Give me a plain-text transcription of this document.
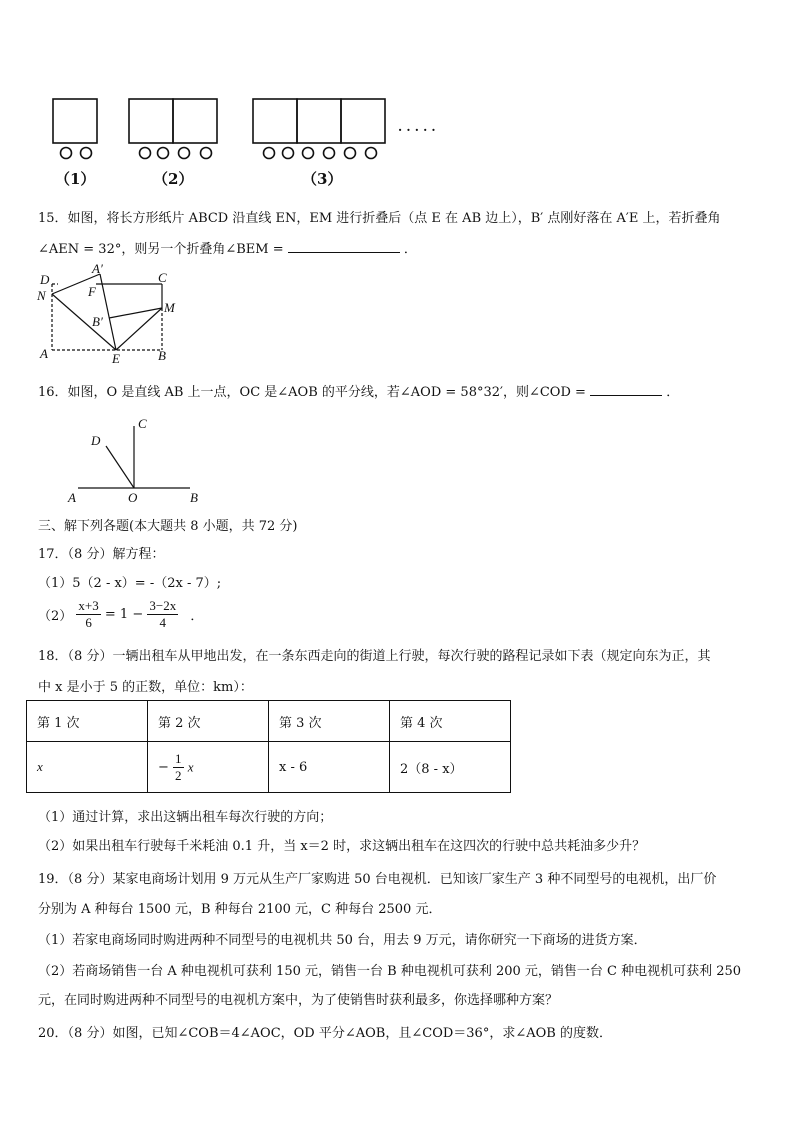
· · · · ·
（1）	（2）	（3）
15．如图，将长方形纸片 ABCD 沿直线 EN，EM 进行折叠后（点 E 在 AB 边上），B′ 点刚好落在 A′E 上，若折叠角
∠AEN = 32°，则另一个折叠角∠BEM =	．
D
A′
C
N	F
M
B′
A	E	B
16．如图，O 是直线 AB 上一点，OC 是∠AOB 的平分线，若∠AOD = 58°32′，则∠COD =	．
C
D
A	O	B
三、解下列各题(本大题共 8 小题，共 72 分)
17．（8 分）解方程：
（1）5（2 - x）= -（2x - 7）;
$(2) \frac{x+3}{6} = 1 - \frac{3-2x}{4}$ ．
18．（8 分）一辆出租车从甲地出发，在一条东西走向的街道上行驶，每次行驶的路程记录如下表（规定向东为正，其
中 x 是小于 5 的正数，单位：km）：
第 1 次	第 2 次	第 3 次	第 4 次
x	− $\frac{1}{2}$ x	x - 6	2（8 - x）
（1）通过计算，求出这辆出租车每次行驶的方向；
（2）如果出租车行驶每千米耗油 0.1 升，当 x＝2 时，求这辆出租车在这四次的行驶中总共耗油多少升？
19．（8 分）某家电商场计划用 9 万元从生产厂家购进 50 台电视机．已知该厂家生产 3 种不同型号的电视机，出厂价
分别为 A 种每台 1500 元，B 种每台 2100 元，C 种每台 2500 元．
（1）若家电商场同时购进两种不同型号的电视机共 50 台，用去 9 万元，请你研究一下商场的进货方案．
（2）若商场销售一台 A 种电视机可获利 150 元，销售一台 B 种电视机可获利 200 元，销售一台 C 种电视机可获利 250
元，在同时购进两种不同型号的电视机方案中，为了使销售时获利最多，你选择哪种方案？
20．（8 分）如图，已知∠COB＝4∠AOC，OD 平分∠AOB，且∠COD＝36°，求∠AOB 的度数．
